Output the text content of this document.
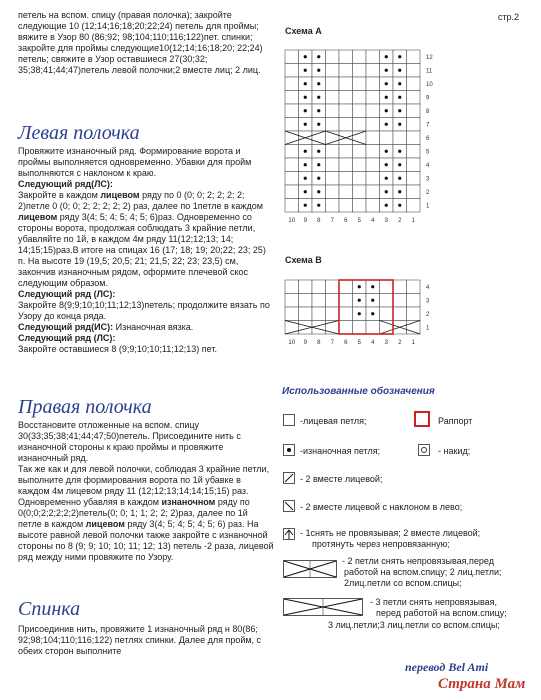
стр.2

петель на вспом. спицу (правая полочка); закройте следующие 10 (12;14;16;18;20;22;24) петель для проймы; вяжите в Узор 80 (86;92; 98;104;110;116;122)пет. спинки; закройте для проймы следующие10(12;14;16;18;20; 22;24) петель; свяжите в Узор оставшиеся 27(30;32; 35;38;41;44;47)петель левой полочки;2 вместе лиц; 2 лиц.

Левая полочка

Провяжите изнаночный ряд. Формирование ворота и проймы выполняется одновременно. Убавки для пройм выполняются с наклоном к краю.

Следующий ряд(ЛС):

Закройте в каждом лицевом ряду по 0 (0; 0; 2; 2; 2; 2; 2)петле 0 (0; 0; 2; 2; 2; 2; 2) раз, далее по 1петле в каждом лицевом ряду 3(4; 5; 4; 5; 4; 5; 6)раз. Одновременно со стороны ворота, продолжая соблюдать 3 крайние петли, убавляйте по 1й, в каждом 4м ряду 11(12;12;13; 14; 14;15;15)раз.В итоге на спицах 16 (17; 18; 19; 20;22; 23; 25) п. На высоте 19 (19,5; 20,5; 21; 21,5; 22; 23; 23,5) см, закончив изнаночным рядом, оформите плечевой скос следующим образом.

Следующий ряд (ЛС):

Закройте 8(9;9;10;10;11;12;13)петель; продолжите вязать по Узору до конца ряда.

Следующий ряд(ИС): Изнаночная вязка.

Следующий ряд (ЛС):

Закройте оставшиеся 8 (9;9;10;10;11;12;13) пет.

Правая полочка

Восстановите отложенные на вспом. спицу 30(33;35;38;41;44;47;50)петель. Присоедините нить с изнаночной стороны к краю проймы и провяжите изнаночный ряд.

Так же как и для левой полочки, соблюдая 3 крайние петли, выполните для формирования ворота по 1й убавке в каждом 4м лицевом ряду 11 (12;12;13;14;14;15;15) раз. Одновременно убавляя в каждом изнаночном ряду по 0(0;0;2;2;2;2;2)петель(0; 0; 1; 1; 2; 2; 2)раз, далее по 1й петле в каждом лицевом ряду 3(4; 5; 4; 5; 4; 5; 6) раз. На высоте равной левой полочки также закройте с изнаночной стороны по 8 (9; 9; 10; 10; 11; 12; 13) петель -2 раза, лицевой ряд между ними провяжите по Узору.

Спинка

Присоединив нить, провяжите 1 изнаночный ряд н 80(86; 92;98;104;110;116;122) петлях спинки. Далее для пройм, с обеих сторон выполните

Схема А
10 9 8 7 6 5 4 3 2 1
12
11
10
9
8
7
6
5
4
3
2
1
Схема В
10 9 8 7 6 5 4 3 2 1
4
3
2
1
Использованные обозначения
-лицевая петля;	Раппорт
-изнаночная петля;	- накид;
- 2 вместе лицевой;
- 2 вместе лицевой с наклоном в лево;
- 1снять не провязывая; 2 вместе лицевой;
протянуть через непровязанную;
- 2 петли снять непровязывая,перед
работой на вспом.спицу; 2 лиц.петли;
2лиц.петли со вспом.спицы;
- 3 петли снять непровязывая,
перед работой на вспом.спицу;
3 лиц.петли;3 лиц.петли со вспом.спицы;
перевод Bel Ami
Страна Мам
